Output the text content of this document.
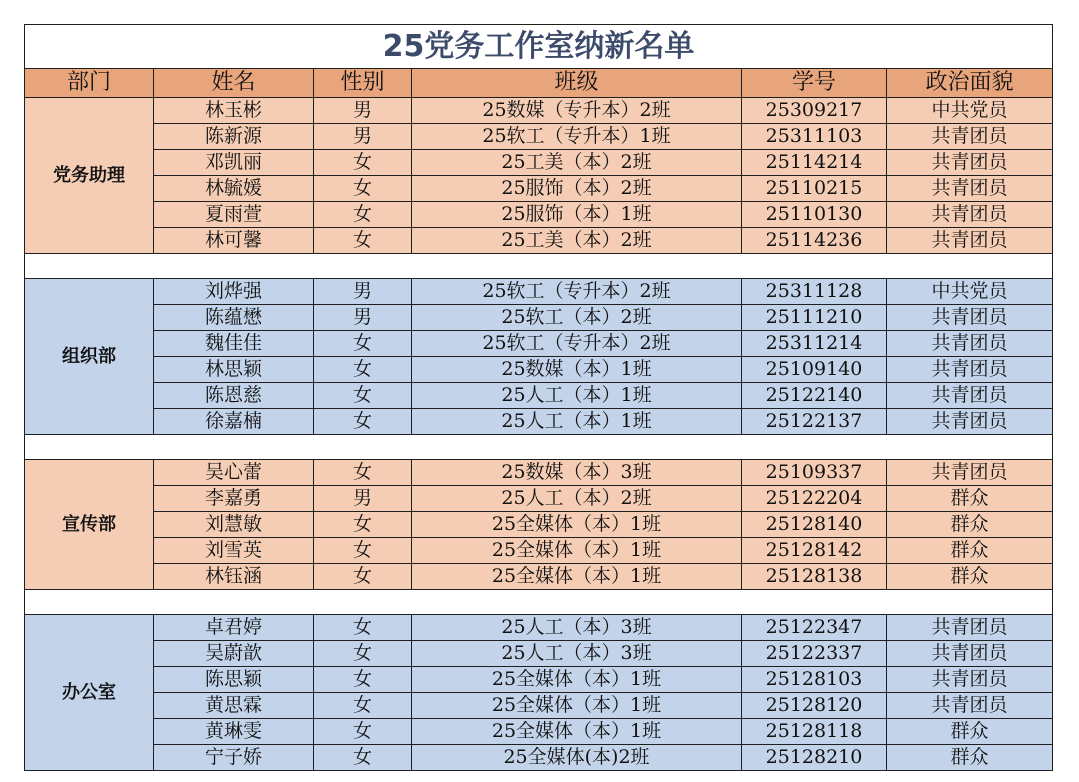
25党务工作室纳新名单					
部门	姓名	性别	班级	学号	政治面貌
党务助理	林玉彬	男	25数媒（专升本）2班	25309217	中共党员
	陈新源	男	25软工（专升本）1班	25311103	共青团员
	邓凯丽	女	25工美（本）2班	25114214	共青团员
	林毓媛	女	25服饰（本）2班	25110215	共青团员
	夏雨萱	女	25服饰（本）1班	25110130	共青团员
	林可馨	女	25工美（本）2班	25114236	共青团员

组织部	刘烨强	男	25软工（专升本）2班	25311128	中共党员
	陈蕴懋	男	25软工（本）2班	25111210	共青团员
	魏佳佳	女	25软工（专升本）2班	25311214	共青团员
	林思颖	女	25数媒（本）1班	25109140	共青团员
	陈恩慈	女	25人工（本）1班	25122140	共青团员
	徐嘉楠	女	25人工（本）1班	25122137	共青团员

宣传部	吴心蕾	女	25数媒（本）3班	25109337	共青团员
	李嘉勇	男	25人工（本）2班	25122204	群众
	刘慧敏	女	25全媒体（本）1班	25128140	群众
	刘雪英	女	25全媒体（本）1班	25128142	群众
	林钰涵	女	25全媒体（本）1班	25128138	群众

办公室	卓君婷	女	25人工（本）3班	25122347	共青团员
	吴蔚歆	女	25人工（本）3班	25122337	共青团员
	陈思颖	女	25全媒体（本）1班	25128103	共青团员
	黄思霖	女	25全媒体（本）1班	25128120	共青团员
	黄琳雯	女	25全媒体（本）1班	25128118	群众
	宁子娇	女	25全媒体(本)2班	25128210	群众
